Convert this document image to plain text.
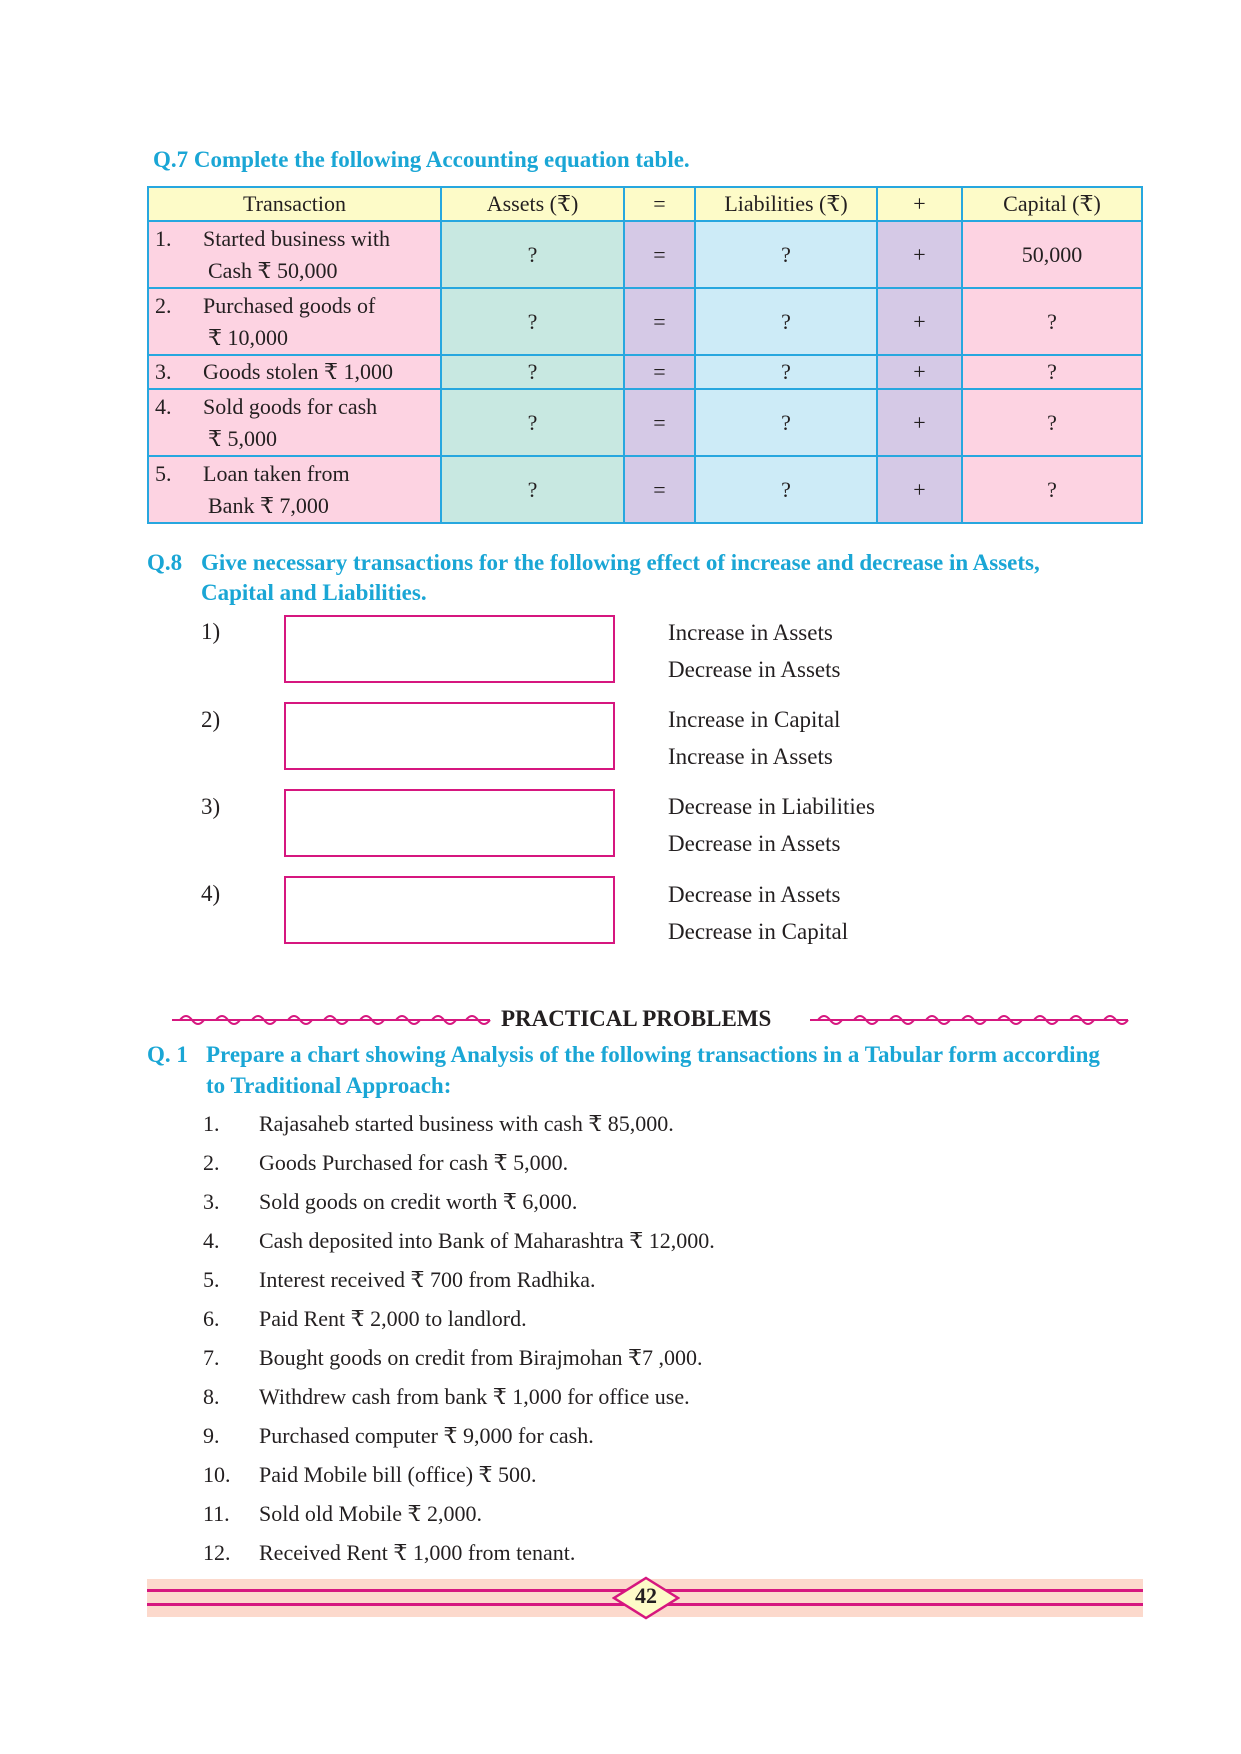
Q.7 Complete the following Accounting equation table.
Transaction	Assets (₹)	=	Liabilities (₹)	+	Capital (₹)

1. Started business with
Cash ₹ 50,000	?	=	?	+	50,000

2. Purchased goods of
₹ 10,000	?	=	?	+	?

3. Goods stolen ₹ 1,000	?	=	?	+	?

4. Sold goods for cash
₹ 5,000	?	=	?	+	?

5. Loan taken from
Bank ₹ 7,000	?	=	?	+	?
Q.8 Give necessary transactions for the following effect of increase and decrease in Assets,
Capital and Liabilities.
1)	Increase in Assets
Decrease in Assets
2)	Increase in Capital
Increase in Assets
3)	Decrease in Liabilities
Decrease in Assets
4)	Decrease in Assets
Decrease in Capital
PRACTICAL PROBLEMS
Q. 1 Prepare a chart showing Analysis of the following transactions in a Tabular form according
to Traditional Approach:
1.	Rajasaheb started business with cash ₹ 85,000.
2.	Goods Purchased for cash ₹ 5,000.
3.	Sold goods on credit worth ₹ 6,000.
4.	Cash deposited into Bank of Maharashtra ₹ 12,000.
5.	Interest received ₹ 700 from Radhika.
6.	Paid Rent ₹ 2,000 to landlord.
7.	Bought goods on credit from Birajmohan ₹7 ,000.
8.	Withdrew cash from bank ₹ 1,000 for office use.
9.	Purchased computer ₹ 9,000 for cash.
10.	Paid Mobile bill (office) ₹ 500.
11.	Sold old Mobile ₹ 2,000.
12.	Received Rent ₹ 1,000 from tenant.
42
